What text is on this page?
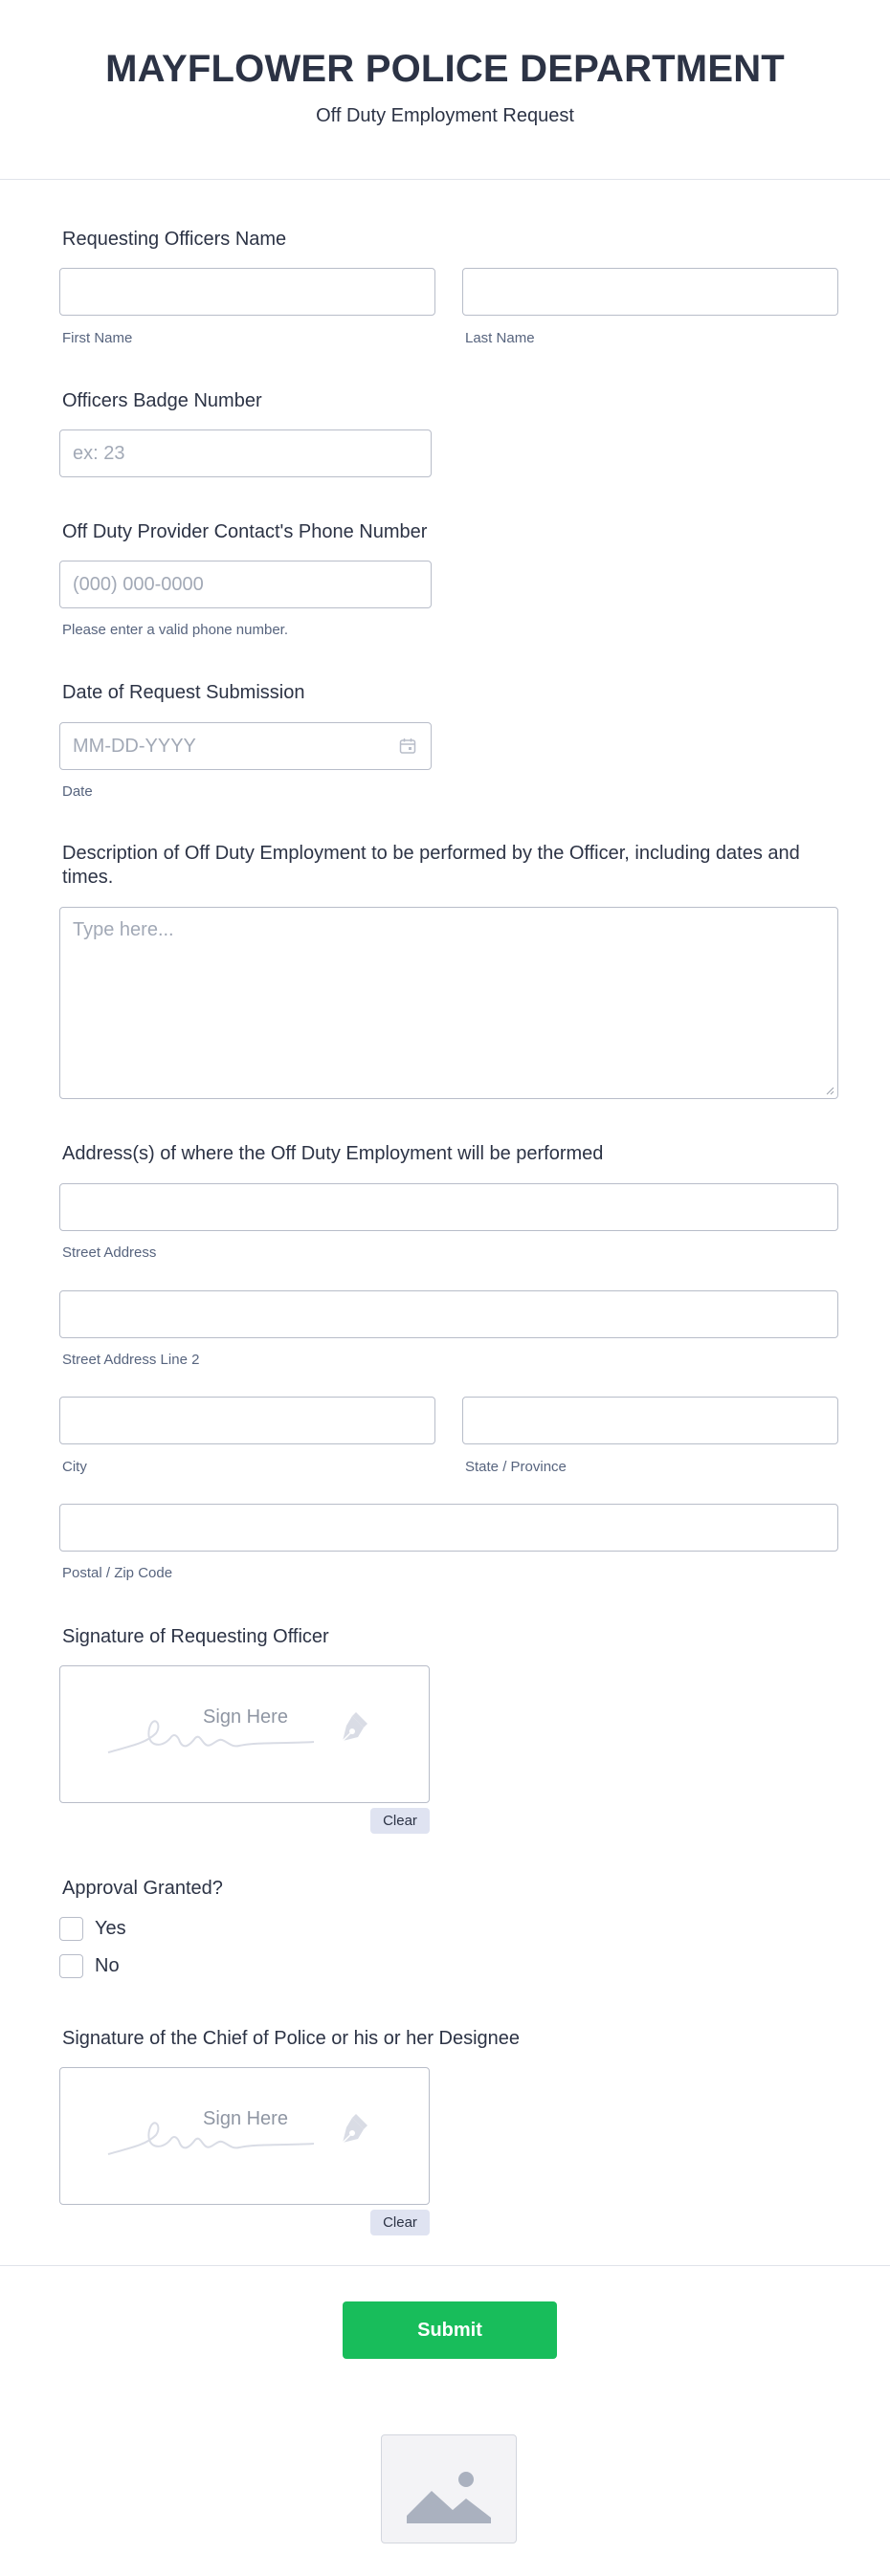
MAYFLOWER POLICE DEPARTMENT
Off Duty Employment Request
Requesting Officers Name
First Name	Last Name
Officers Badge Number
ex: 23
Off Duty Provider Contact's Phone Number
(000) 000-0000
Please enter a valid phone number.
Date of Request Submission
MM-DD-YYYY
Date
Description of Off Duty Employment to be performed by the Officer, including dates and times.
Type here...
Address(s) of where the Off Duty Employment will be performed
Street Address
Street Address Line 2
City	State / Province
Postal / Zip Code
Signature of Requesting Officer
Sign Here
Clear
Approval Granted?
Yes
No
Signature of the Chief of Police or his or her Designee
Sign Here
Clear
Submit
